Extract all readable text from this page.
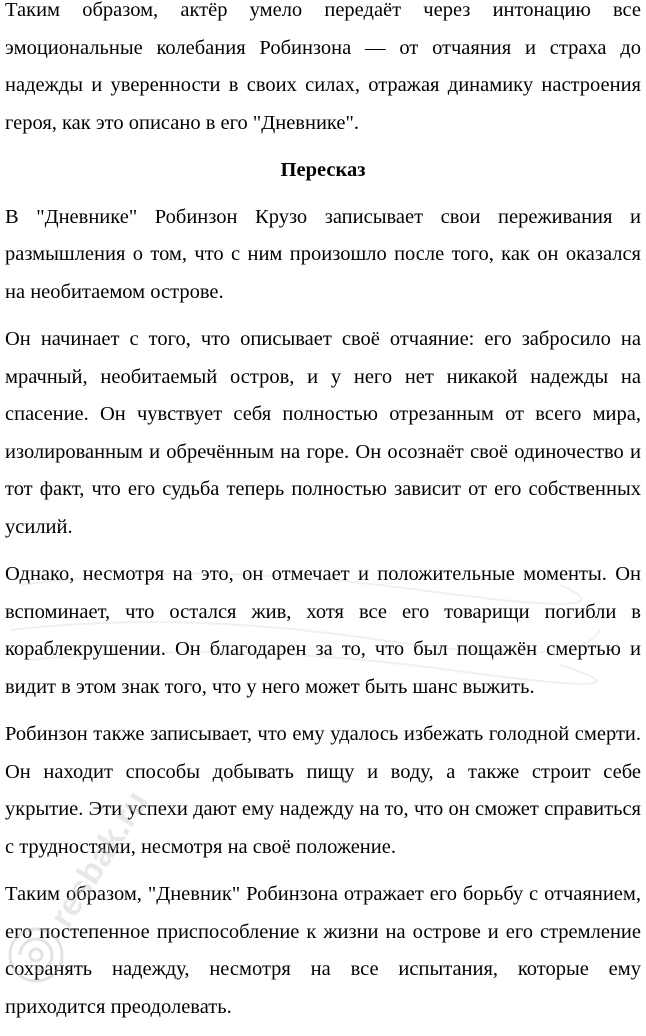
Таким образом, актёр умело передаёт через интонацию все эмоциональные колебания Робинзона — от отчаяния и страха до надежды и уверенности в своих силах, отражая динамику настроения героя, как это описано в его "Дневнике".

Пересказ

В "Дневнике" Робинзон Крузо записывает свои переживания и размышления о том, что с ним произошло после того, как он оказался на необитаемом острове.

Он начинает с того, что описывает своё отчаяние: его забросило на мрачный, необитаемый остров, и у него нет никакой надежды на спасение. Он чувствует себя полностью отрезанным от всего мира, изолированным и обречённым на горе. Он осознаёт своё одиночество и тот факт, что его судьба теперь полностью зависит от его собственных усилий.

Однако, несмотря на это, он отмечает и положительные моменты. Он вспоминает, что остался жив, хотя все его товарищи погибли в кораблекрушении. Он благодарен за то, что был пощажён смертью и видит в этом знак того, что у него может быть шанс выжить.

Робинзон также записывает, что ему удалось избежать голодной смерти. Он находит способы добывать пищу и воду, а также строит себе укрытие. Эти успехи дают ему надежду на то, что он сможет справиться с трудностями, несмотря на своё положение.

Таким образом, "Дневник" Робинзона отражает его борьбу с отчаянием, его постепенное приспособление к жизни на острове и его стремление сохранять надежду, несмотря на все испытания, которые ему приходится преодолевать.

resbak.ru
